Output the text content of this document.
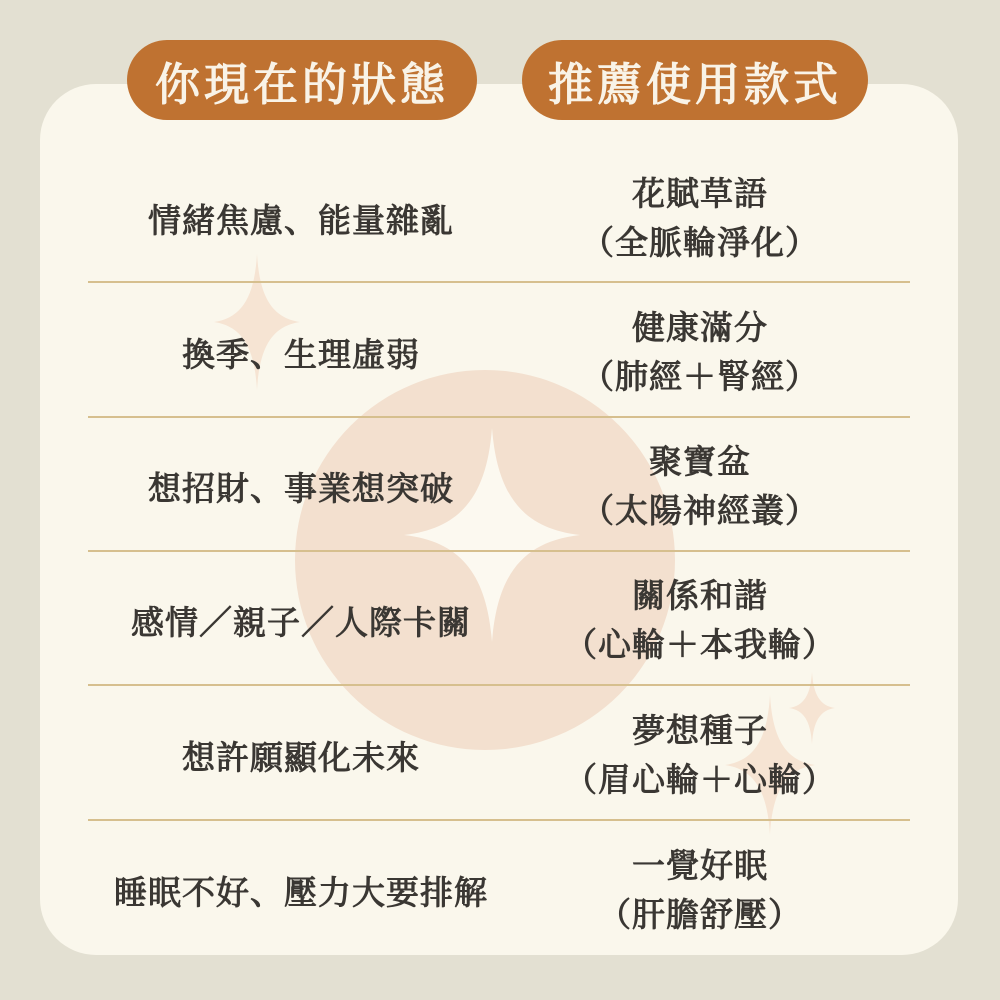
情緒焦慮、能量雜亂
花賦草語
（全脈輪淨化）
換季、生理虛弱
健康滿分
（肺經＋腎經）
想招財、事業想突破
聚寶盆
（太陽神經叢）
感情／親子／人際卡關
關係和諧
（心輪＋本我輪）
想許願顯化未來
夢想種子
（眉心輪＋心輪）
睡眠不好、壓力大要排解
一覺好眠
（肝膽舒壓）
你現在的狀態	推薦使用款式
